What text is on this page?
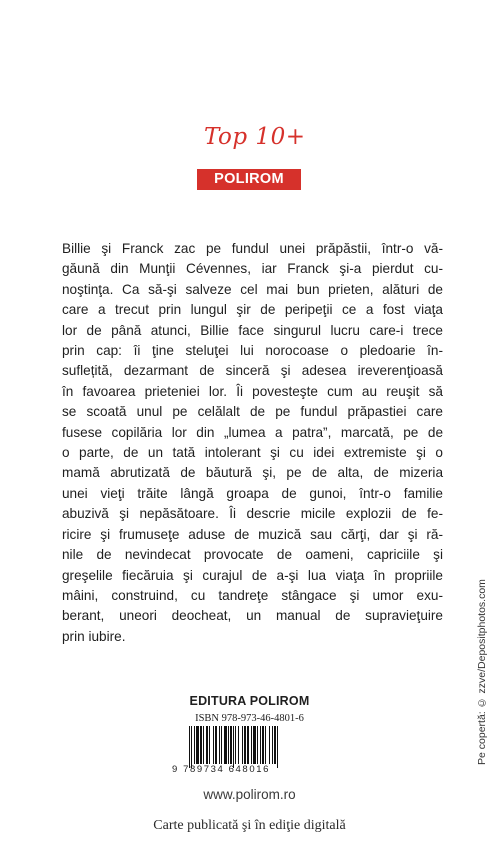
Top 10+
POLIROM
Billie şi Franck zac pe fundul unei prăpăstii, într-o vă-
găună din Munţii Cévennes, iar Franck şi-a pierdut cu-
noştinţa. Ca să-şi salveze cel mai bun prieten, alături de
care a trecut prin lungul şir de peripeţii ce a fost viaţa
lor de până atunci, Billie face singurul lucru care-i trece
prin cap: îi ţine steluţei lui norocoase o pledoarie în-
suflețită, dezarmant de sinceră şi adesea ireverenţioasă
în favoarea prieteniei lor. Îi povesteşte cum au reuşit să
se scoată unul pe celălalt de pe fundul prăpastiei care
fusese copilăria lor din „lumea a patra”, marcată, pe de
o parte, de un tată intolerant şi cu idei extremiste şi o
mamă abrutizată de băutură şi, pe de alta, de mizeria
unei vieţi trăite lângă groapa de gunoi, într-o familie
abuzivă şi nepăsătoare. Îi descrie micile explozii de fe-
ricire şi frumuseţe aduse de muzică sau cărţi, dar şi ră-
nile de nevindecat provocate de oameni, capriciile şi
greşelile fiecăruia şi curajul de a-şi lua viaţa în propriile
mâini, construind, cu tandreţe stângace şi umor exu-
berant, uneori deocheat, un manual de supravieţuire
prin iubire.
EDITURA POLIROM
ISBN 978-973-46-4801-6
9 789734 648016
www.polirom.ro
Carte publicată şi în ediţie digitală
Pe copertă: © zzve/Depositphotos.com
